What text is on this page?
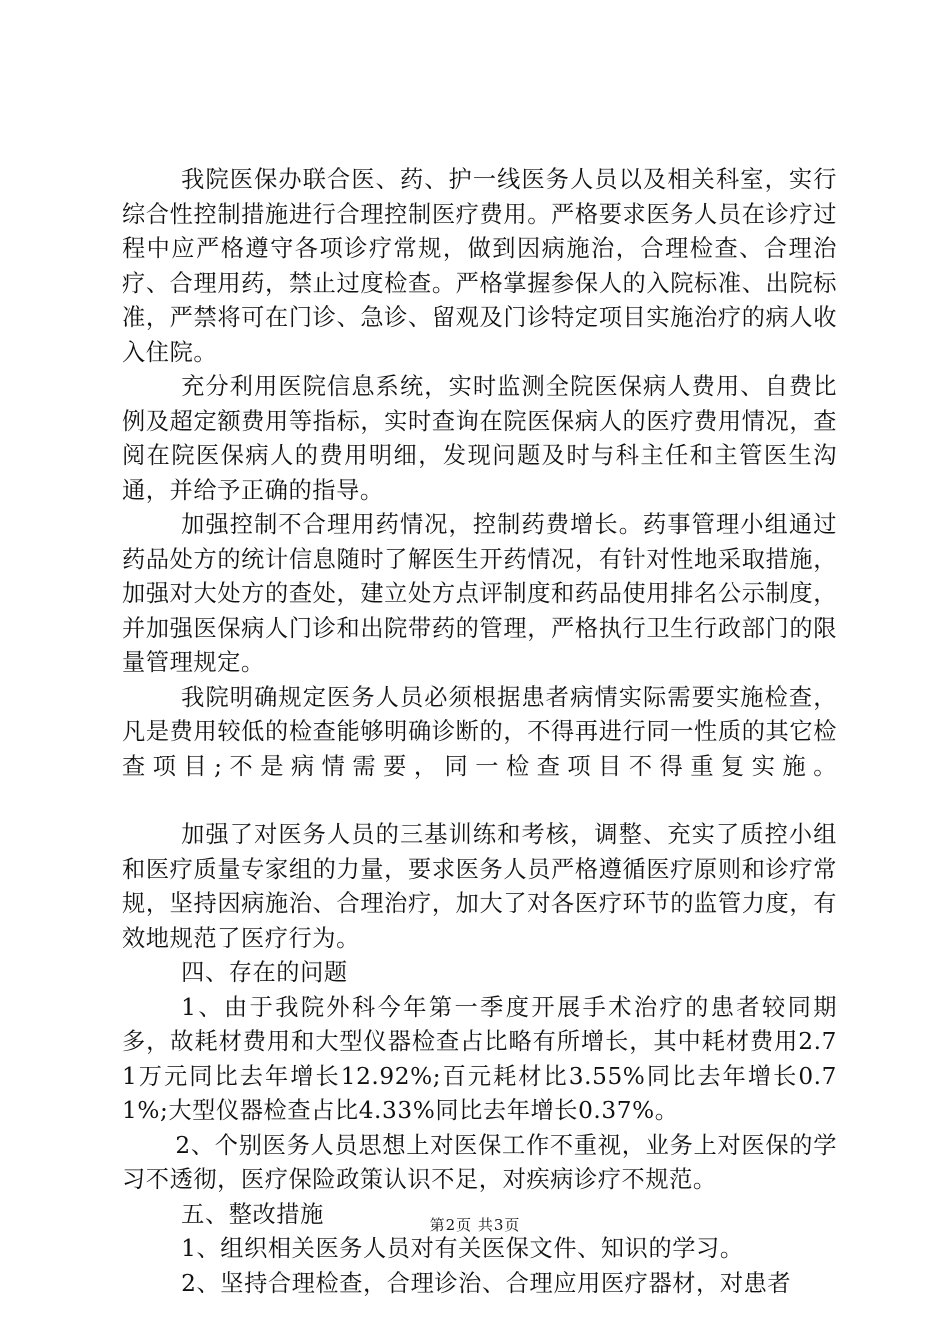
我院医保办联合医、药、护一线医务人员以及相关科室，实行综合性控制措施进行合理控制医疗费用。严格要求医务人员在诊疗过程中应严格遵守各项诊疗常规，做到因病施治，合理检查、合理治疗、合理用药，禁止过度检查。严格掌握参保人的入院标准、出院标准，严禁将可在门诊、急诊、留观及门诊特定项目实施治疗的病人收入住院。

充分利用医院信息系统，实时监测全院医保病人费用、自费比例及超定额费用等指标，实时查询在院医保病人的医疗费用情况，查阅在院医保病人的费用明细，发现问题及时与科主任和主管医生沟通，并给予正确的指导。

加强控制不合理用药情况，控制药费增长。药事管理小组通过药品处方的统计信息随时了解医生开药情况，有针对性地采取措施，加强对大处方的查处，建立处方点评制度和药品使用排名公示制度，并加强医保病人门诊和出院带药的管理，严格执行卫生行政部门的限量管理规定。

我院明确规定医务人员必须根据患者病情实际需要实施检查，凡是费用较低的检查能够明确诊断的，不得再进行同一性质的其它检查项目;不是病情需要，同一检查项目不得重复实施。

加强了对医务人员的三基训练和考核，调整、充实了质控小组和医疗质量专家组的力量，要求医务人员严格遵循医疗原则和诊疗常规，坚持因病施治、合理治疗，加大了对各医疗环节的监管力度，有效地规范了医疗行为。

四、存在的问题

1、由于我院外科今年第一季度开展手术治疗的患者较同期多，故耗材费用和大型仪器检查占比略有所增长，其中耗材费用2.71万元同比去年增长12.92%;百元耗材比3.55%同比去年增长0.71%;大型仪器检查占比4.33%同比去年增长0.37%。

2、个别医务人员思想上对医保工作不重视，业务上对医保的学习不透彻，医疗保险政策认识不足，对疾病诊疗不规范。

五、整改措施

1、组织相关医务人员对有关医保文件、知识的学习。

2、坚持合理检查，合理诊治、合理应用医疗器材，对患者

第2页 共3页
